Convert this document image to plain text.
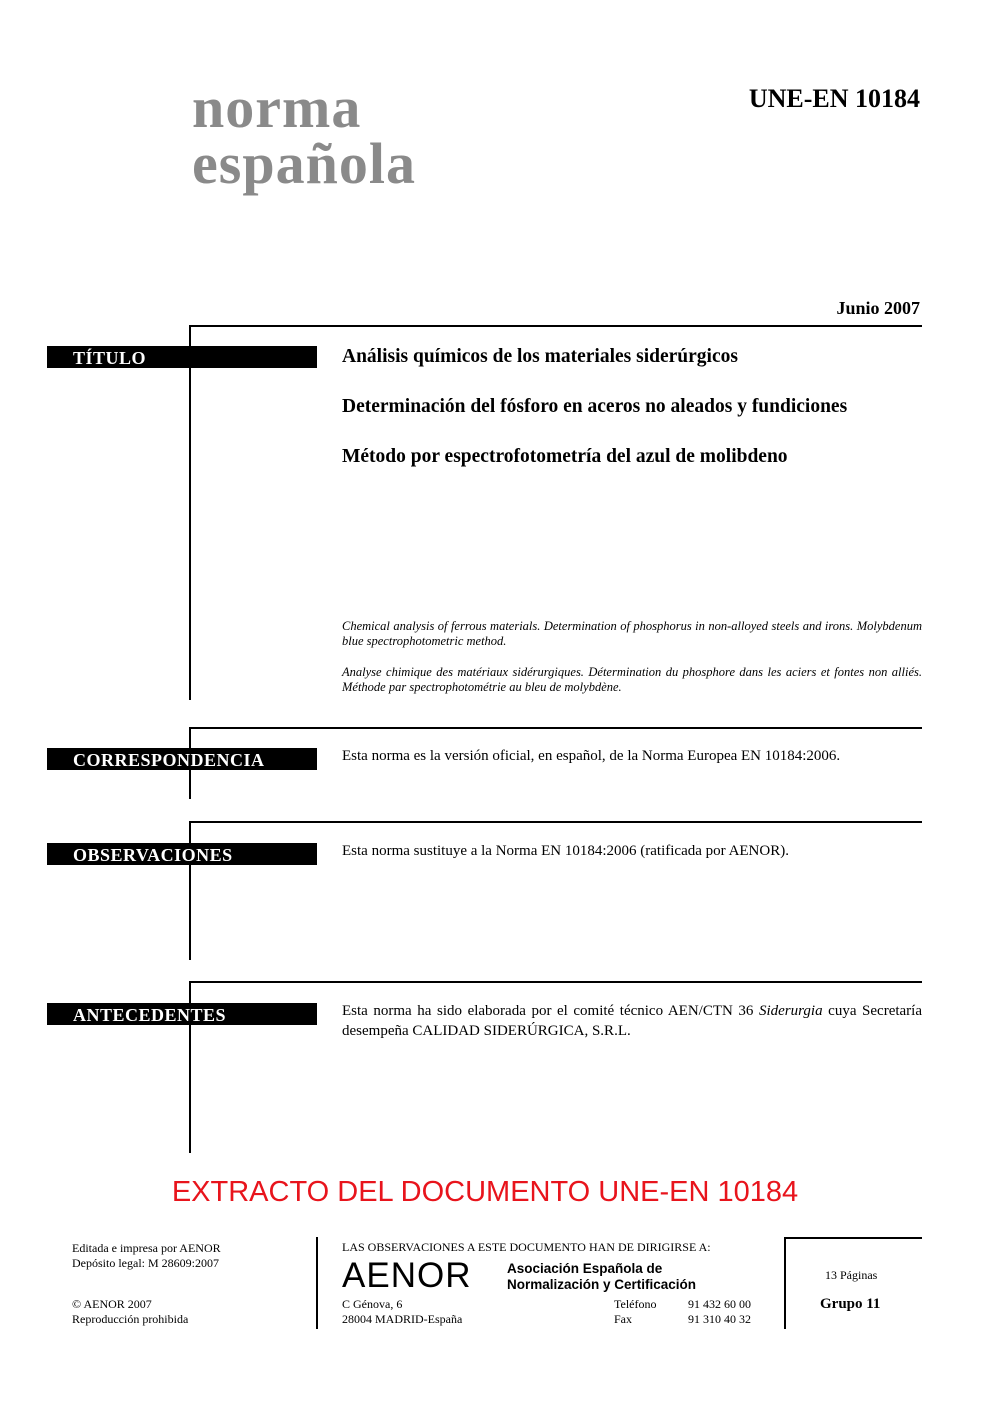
norma
española
UNE-EN 10184
Junio 2007
TÍTULO	Análisis químicos de los materiales siderúrgicos
Determinación del fósforo en aceros no aleados y fundiciones
Método por espectrofotometría del azul de molibdeno
Chemical analysis of ferrous materials. Determination of phosphorus in non-alloyed steels and irons. Molybdenum blue spectrophotometric method.
Analyse chimique des matériaux sidérurgiques. Détermination du phosphore dans les aciers et fontes non alliés. Méthode par spectrophotométrie au bleu de molybdène.
CORRESPONDENCIA	Esta norma es la versión oficial, en español, de la Norma Europea EN 10184:2006.
OBSERVACIONES	Esta norma sustituye a la Norma EN 10184:2006 (ratificada por AENOR).
ANTECEDENTES	Esta norma ha sido elaborada por el comité técnico AEN/CTN 36 Siderurgia cuya Secretaría desempeña CALIDAD SIDERÚRGICA, S.R.L.
EXTRACTO DEL DOCUMENTO UNE-EN 10184
Editada e impresa por AENOR
Depósito legal: M 28609:2007
© AENOR 2007
Reproducción prohibida
LAS OBSERVACIONES A ESTE DOCUMENTO HAN DE DIRIGIRSE A:
AENOR	Asociación Española de
Normalización y Certificación
C Génova, 6
28004 MADRID-España
Teléfono	91 432 60 00
Fax	91 310 40 32
13 Páginas
Grupo 11
